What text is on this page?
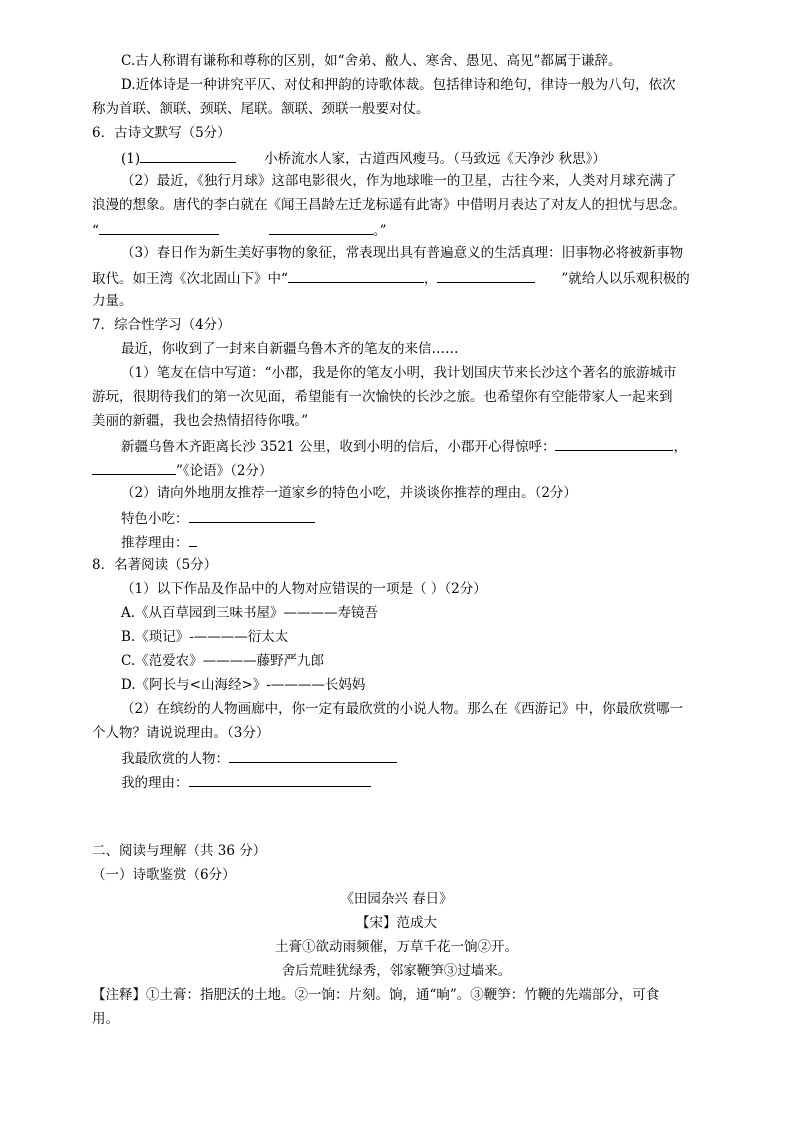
C.古人称谓有谦称和尊称的区别，如“舍弟、敝人、寒舍、愚见、高见”都属于谦辞。
D.近体诗是一种讲究平仄、对仗和押韵的诗歌体裁。包括律诗和绝句，律诗一般为八句，依次
称为首联、颔联、颈联、尾联。颔联、颈联一般要对仗。
6．古诗文默写（5分）
(1)	小桥流水人家，古道西风瘦马。（马致远《天净沙 秋思》）
（2）最近，《独行月球》这部电影很火，作为地球唯一的卫星，古往今来，人类对月球充满了
浪漫的想象。唐代的李白就在《闻王昌龄左迁龙标遥有此寄》中借明月表达了对友人的担忧与思念。
“	。”
（3）春日作为新生美好事物的象征，常表现出具有普遍意义的生活真理：旧事物必将被新事物
取代。如王湾《次北固山下》中“	，	”就给人以乐观积极的
力量。
7．综合性学习（4分）
最近，你收到了一封来自新疆乌鲁木齐的笔友的来信……
（1）笔友在信中写道：“小郡，我是你的笔友小明，我计划国庆节来长沙这个著名的旅游城市
游玩，很期待我们的第一次见面，希望能有一次愉快的长沙之旅。也希望你有空能带家人一起来到
美丽的新疆，我也会热情招待你哦。”
新疆乌鲁木齐距离长沙 3521 公里，收到小明的信后，小郡开心得惊呼：	，
”《论语》（2分）
（2）请向外地朋友推荐一道家乡的特色小吃，并谈谈你推荐的理由。（2分）
特色小吃：
推荐理由：
8．名著阅读（5分）
（1）以下作品及作品中的人物对应错误的一项是（ ）（2分）
A.《从百草园到三味书屋》————寿镜吾
B.《琐记》-————衍太太
C.《范爱农》————藤野严九郎
D.《阿长与<山海经>》-————长妈妈
（2）在缤纷的人物画廊中，你一定有最欣赏的小说人物。那么在《西游记》中，你最欣赏哪一
个人物？请说说理由。（3分）
我最欣赏的人物：
我的理由：
二、阅读与理解（共 36 分）
（一）诗歌鉴赏（6分）
《田园杂兴 春日》
【宋】范成大
土膏①欲动雨频催，万草千花一饷②开。
舍后荒畦犹绿秀，邻家鞭笋③过墙来。
【注释】①土膏：指肥沃的土地。②一饷：片刻。饷，通“晌”。③鞭笋：竹鞭的先端部分，可食
用。
